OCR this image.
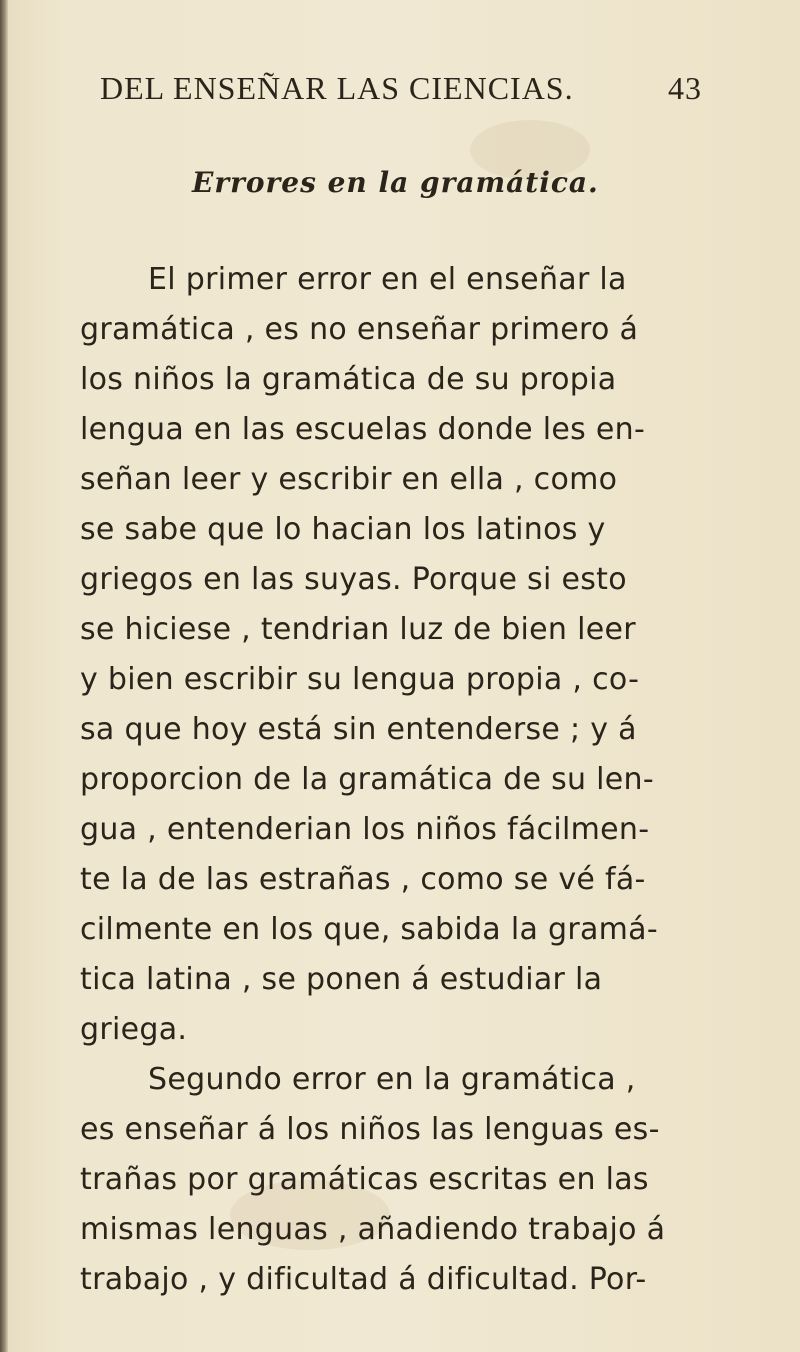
DEL ENSEÑAR LAS CIENCIAS.	43
Errores en la gramática.
El primer error en el enseñar la
gramática , es no enseñar primero á
los niños la gramática de su propia
lengua en las escuelas donde les en-
señan leer y escribir en ella , como
se sabe que lo hacian los latinos y
griegos en las suyas. Porque si esto
se hiciese , tendrian luz de bien leer
y bien escribir su lengua propia , co-
sa que hoy está sin entenderse ; y á
proporcion de la gramática de su len-
gua , entenderian los niños fácilmen-
te la de las estrañas , como se vé fá-
cilmente en los que, sabida la gramá-
tica latina , se ponen á estudiar la
griega.
Segundo error en la gramática ,
es enseñar á los niños las lenguas es-
trañas por gramáticas escritas en las
mismas lenguas , añadiendo trabajo á
trabajo , y dificultad á dificultad. Por-
